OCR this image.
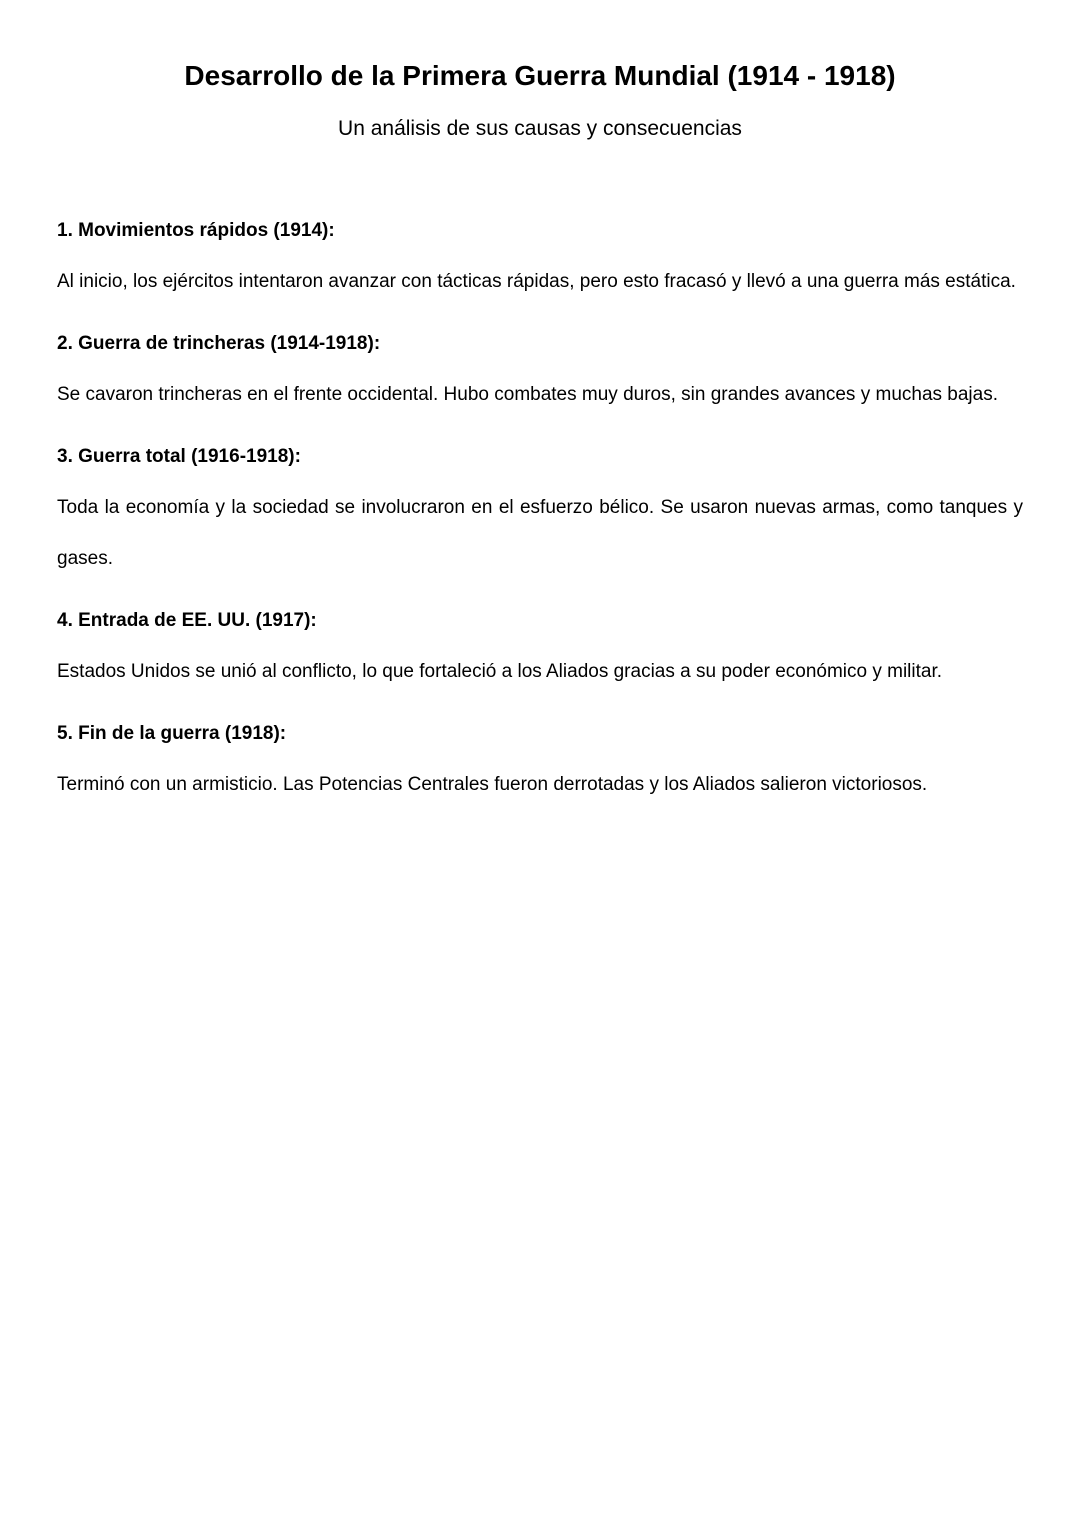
Desarrollo de la Primera Guerra Mundial (1914 - 1918)

Un análisis de sus causas y consecuencias

1. Movimientos rápidos (1914):

Al inicio, los ejércitos intentaron avanzar con tácticas rápidas, pero esto fracasó y llevó a una guerra más estática.

2. Guerra de trincheras (1914-1918):

Se cavaron trincheras en el frente occidental. Hubo combates muy duros, sin grandes avances y muchas bajas.

3. Guerra total (1916-1918):

Toda la economía y la sociedad se involucraron en el esfuerzo bélico. Se usaron nuevas armas, como tanques y gases.

4. Entrada de EE. UU. (1917):

Estados Unidos se unió al conflicto, lo que fortaleció a los Aliados gracias a su poder económico y militar.

5. Fin de la guerra (1918):

Terminó con un armisticio. Las Potencias Centrales fueron derrotadas y los Aliados salieron victoriosos.
